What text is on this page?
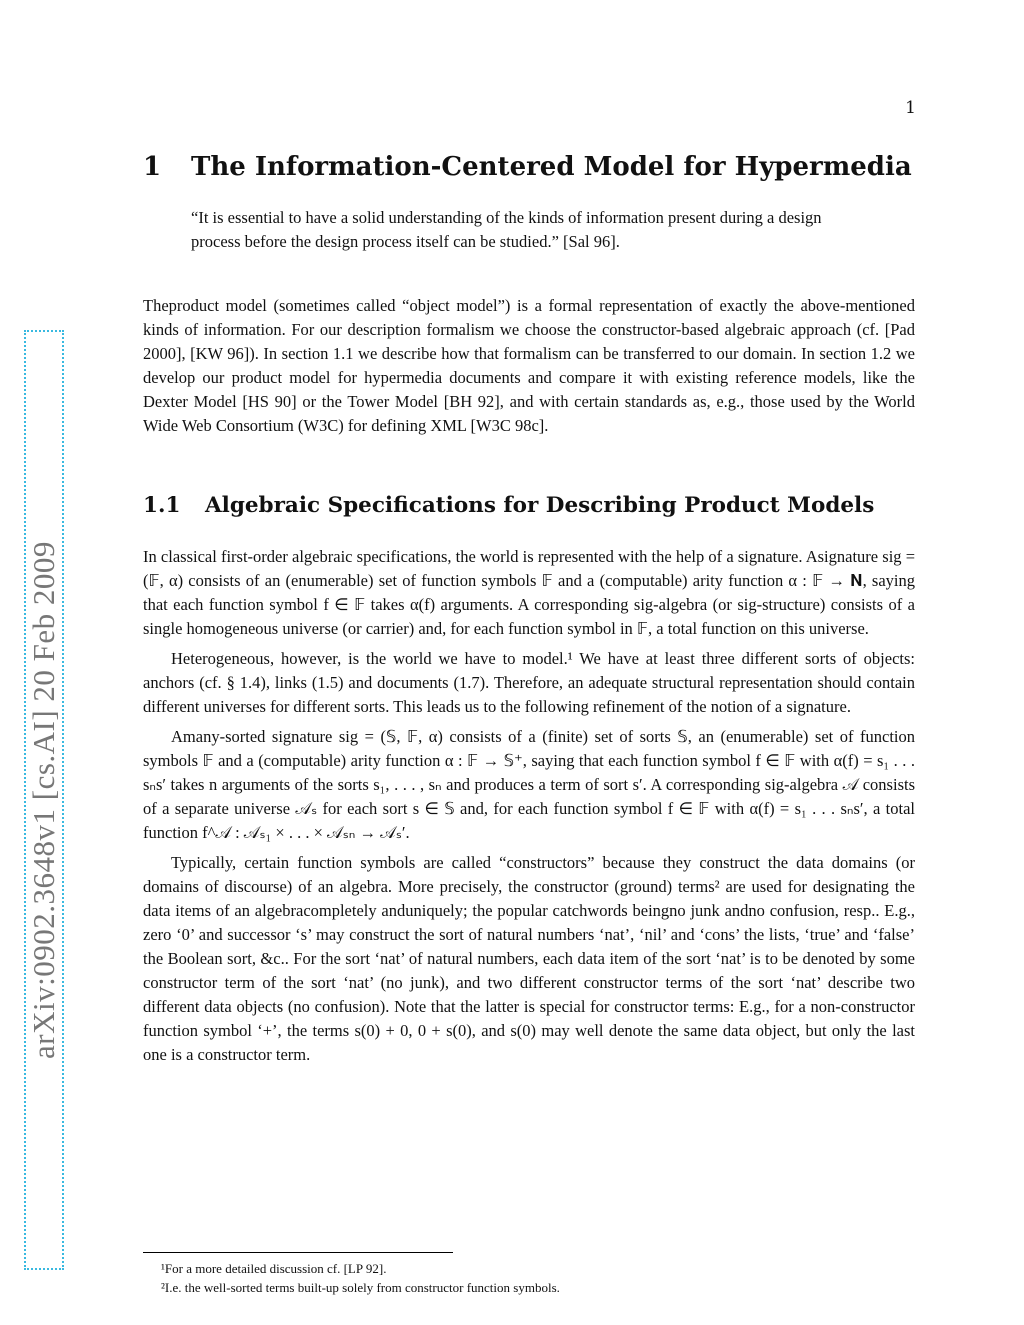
1
arXiv:0902.3648v1 [cs.AI] 20 Feb 2009
1 The Information-Centered Model for Hypermedia
“It is essential to have a solid understanding of the kinds of information present during a design process before the design process itself can be studied.” [Sal 96].

Theproduct model (sometimes called “object model”) is a formal representation of exactly the above-mentioned kinds of information. For our description formalism we choose the constructor-based algebraic approach (cf. [Pad 2000], [KW 96]). In section 1.1 we describe how that formalism can be transferred to our domain. In section 1.2 we develop our product model for hypermedia documents and compare it with existing reference models, like the Dexter Model [HS 90] or the Tower Model [BH 92], and with certain standards as, e.g., those used by the World Wide Web Consortium (W3C) for defining XML [W3C 98c].

1.1 Algebraic Specifications for Describing Product Models

In classical first-order algebraic specifications, the world is represented with the help of a signature. Asignature sig = (𝔽, α) consists of an (enumerable) set of function symbols 𝔽 and a (computable) arity function α : 𝔽 → 𝐍, saying that each function symbol f ∈ 𝔽 takes α(f) arguments. A corresponding sig-algebra (or sig-structure) consists of a single homogeneous universe (or carrier) and, for each function symbol in 𝔽, a total function on this universe.

Heterogeneous, however, is the world we have to model.¹ We have at least three different sorts of objects: anchors (cf. § 1.4), links (1.5) and documents (1.7). Therefore, an adequate structural representation should contain different universes for different sorts. This leads us to the following refinement of the notion of a signature.

Amany-sorted signature sig = (𝕊, 𝔽, α) consists of a (finite) set of sorts 𝕊, an (enumerable) set of function symbols 𝔽 and a (computable) arity function α : 𝔽 → 𝕊⁺, saying that each function symbol f ∈ 𝔽 with α(f) = s₁ . . . sₙs′ takes n arguments of the sorts s₁, . . . , sₙ and produces a term of sort s′. A corresponding sig-algebra 𝒜 consists of a separate universe 𝒜ₛ for each sort s ∈ 𝕊 and, for each function symbol f ∈ 𝔽 with α(f) = s₁ . . . sₙs′, a total function f^𝒜 : 𝒜ₛ₁ × . . . × 𝒜ₛₙ → 𝒜ₛ′.

Typically, certain function symbols are called “constructors” because they construct the data domains (or domains of discourse) of an algebra. More precisely, the constructor (ground) terms² are used for designating the data items of an algebracompletely anduniquely; the popular catchwords beingno junk andno confusion, resp.. E.g., zero ‘0’ and successor ‘s’ may construct the sort of natural numbers ‘nat’, ‘nil’ and ‘cons’ the lists, ‘true’ and ‘false’ the Boolean sort, &c.. For the sort ‘nat’ of natural numbers, each data item of the sort ‘nat’ is to be denoted by some constructor term of the sort ‘nat’ (no junk), and two different constructor terms of the sort ‘nat’ describe two different data objects (no confusion). Note that the latter is special for constructor terms: E.g., for a non-constructor function symbol ‘+’, the terms s(0) + 0, 0 + s(0), and s(0) may well denote the same data object, but only the last one is a constructor term.

¹For a more detailed discussion cf. [LP 92].
²I.e. the well-sorted terms built-up solely from constructor function symbols.
